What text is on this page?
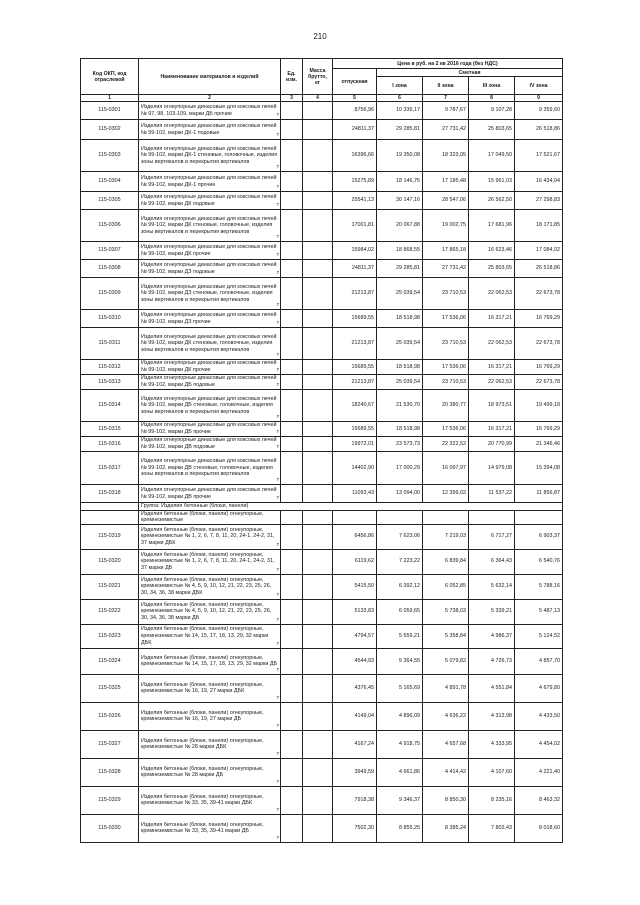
210
Код ОКП, код отраслевой	Наименование материалов и изделий	Ед. изм.	Масса брутто, кг	Цена в руб. на 2 кв 2016 года (без НДС)				
				отпускная	Сметная			
					I зона	II зона	III зона	IV зона
1	2	3	4	5	6	7	8	9
115-0301	Изделия огнеупорные динасовые для коксовых печей № 97, 98, 103-109, марки ДБ прочие т			8756,96	10 336,17	9 787,67	9 107,28	9 359,60
115-0302	Изделия огнеупорные динасовые для коксовых печей № 99-102, марки ДК-1 подовые т			24811,37	29 285,81	27 731,42	25 803,65	26 518,86
115-0303	Изделия огнеупорные динасовые для коксовых печей № 99-102, марки ДК-1 стеновые, головочные, изделия зоны вертикалов и перекрытия вертикалов
т			16396,66	19 350,08	18 323,05	17 049,50	17 521,67
115-0304	Изделия огнеупорные динасовые для коксовых печей № 99-102, марки ДК-1 прочие т			15275,89	18 146,75	17 185,48	15 961,03	16 434,04
115-0305	Изделия огнеупорные динасовые для коксовых печей № 99-102, марки ДК подовые т			25541,13	30 147,16	28 547,06	26 562,50	27 298,83
115-0306	Изделия огнеупорные динасовые для коксовых печей № 99-102, марки ДК стеновые, головочные, изделия зоны вертикалов и перекрытия вертикалов
т			17001,81	20 067,88	19 002,75	17 681,96	18 171,85
115-0307	Изделия огнеупорные динасовые для коксовых печей № 99-102, марки ДК прочие т			15984,02	18 868,55	17 865,18	16 623,46	17 084,02
115-0308	Изделия огнеупорные динасовые для коксовых печей № 99-102, марки ДЗ подовые т			24811,37	29 285,81	27 731,42	25 803,65	26 518,86
115-0309	Изделия огнеупорные динасовые для коксовых печей № 99-102, марки ДЗ стеновые, головочные, изделия зоны вертикалов и перекрытия вертикалов
т			21213,87	25 039,54	23 710,53	22 062,53	22 673,78
115-0310	Изделия огнеупорные динасовые для коксовых печей № 99-102, марки ДЗ прочие т			15689,55	18 518,98	17 536,06	16 317,21	16 769,29
115-0311	Изделия огнеупорные динасовые для коксовых печей № 99-102, марки ДК стеновые, головочные, изделия зоны вертикалов и перекрытия вертикалов
т			21213,87	25 039,54	23 710,53	22 062,53	22 673,78
115-0312	Изделия огнеупорные динасовые для коксовых печей № 99-102, марки ДК прочие т			15689,55	18 518,98	17 536,06	16 317,21	16 769,29
115-0313	Изделия огнеупорные динасовые для коксовых печей № 99-102, марки ДБ подовые т			21213,87	25 039,54	23 710,53	22 062,53	22 673,78
115-0314	Изделия огнеупорные динасовые для коксовых печей № 99-102, марки ДБ стеновые, головочные, изделия зоны вертикалов и перекрытия вертикалов
т			18240,67	21 530,70	20 380,77	18 973,51	19 499,18
115-0315	Изделия огнеупорные динасовые для коксовых печей № 99-102, марки ДБ прочие т			15689,55	18 518,98	17 536,06	16 317,21	16 769,29
115-0316	Изделия огнеупорные динасовые для коксовых печей № 99-102, марки ДВ подовые т			19972,01	23 573,73	22 322,52	20 770,99	21 346,46
115-0317	Изделия огнеупорные динасовые для коксовых печей № 99-102, марки ДВ стеновые, головочные, изделия зоны вертикалов и перекрытия вертикалов
т			14402,90	17 000,29	16 097,97	14 979,08	15 394,08
115-0318	Изделия огнеупорные динасовые для коксовых печей № 99-102, марки ДВ прочие т			11093,43	13 094,00	12 399,02	11 537,22	11 856,87
	Группа: Изделия бетонные (блоки, панели)							
	Изделия бетонные (блоки, панели) огнеупорные, кремнеземистые

115-0319	Изделия бетонные (блоки, панели) огнеупорные, кремнеземистые № 1, 2, 6, 7, 8, 11, 20, 24-1, 24-2, 31, 37 марки ДБК т			6456,86	7 623,06	7 219,03	6 717,27	6 903,37
115-0320	Изделия бетонные (блоки, панели) огнеупорные, кремнеземистые № 1, 2, 6, 7, 8, 11, 20, 24-1, 24-2, 31, 37 марки ДБ т			6119,62	7 223,22	6 839,84	6 364,43	6 540,76
115-0321	Изделия бетонные (блоки, панели) огнеупорные, кремнеземистые № 4, 5, 9, 10, 12, 21, 22, 23, 25, 26, 30, 34, 36, 38 марки ДБК т			5415,50	6 392,12	6 052,85	5 632,14	5 788,16
115-0322	Изделия бетонные (блоки, панели) огнеупорные, кремнеземистые № 4, 5, 9, 10, 12, 21, 22, 23, 25, 26, 30, 34, 36, 38 марки ДБ т			5133,83	6 059,65	5 738,03	5 339,21	5 487,13
115-0323	Изделия бетонные (блоки, панели) огнеупорные, кремнеземистые № 14, 15, 17, 18, 13, 29, 32 марки ДБК т			4794,57	5 659,21	5 358,84	4 986,37	5 124,52
115-0324	Изделия бетонные (блоки, панели) огнеупорные, кремнеземистые № 14, 15, 17, 18, 13, 29, 32 марки ДБ
т			4544,93	5 364,55	5 079,82	4 726,73	4 857,70
115-0325	Изделия бетонные (блоки, панели) огнеупорные, кремнеземистые № 16, 19, 27 марки ДБК
т			4376,45	5 165,69	4 891,78	4 551,84	4 679,80
115-0326	Изделия бетонные (блоки, панели) огнеупорные, кремнеземистые № 16, 19, 27 марки ДБ
т			4149,04	4 896,09	4 636,22	4 313,98	4 433,50
115-0327	Изделия бетонные (блоки, панели) огнеупорные, кремнеземистые № 28 марки ДБК
т			4167,24	4 918,75	4 657,68	4 333,95	4 454,02
115-0328	Изделия бетонные (блоки, панели) огнеупорные, кремнеземистые № 28 марки ДБ
т			3949,59	4 661,86	4 414,42	4 107,60	4 221,40
115-0329	Изделия бетонные (блоки, панели) огнеупорные, кремнеземистые № 33, 35, 39-41 марки ДБК
т			7918,38	9 346,37	8 850,30	8 235,16	8 463,32
115-0330	Изделия бетонные (блоки, панели) огнеупорные, кремнеземистые № 33, 35, 39-41 марки ДБ
т			7502,30	8 855,25	8 385,24	7 802,43	8 018,60
